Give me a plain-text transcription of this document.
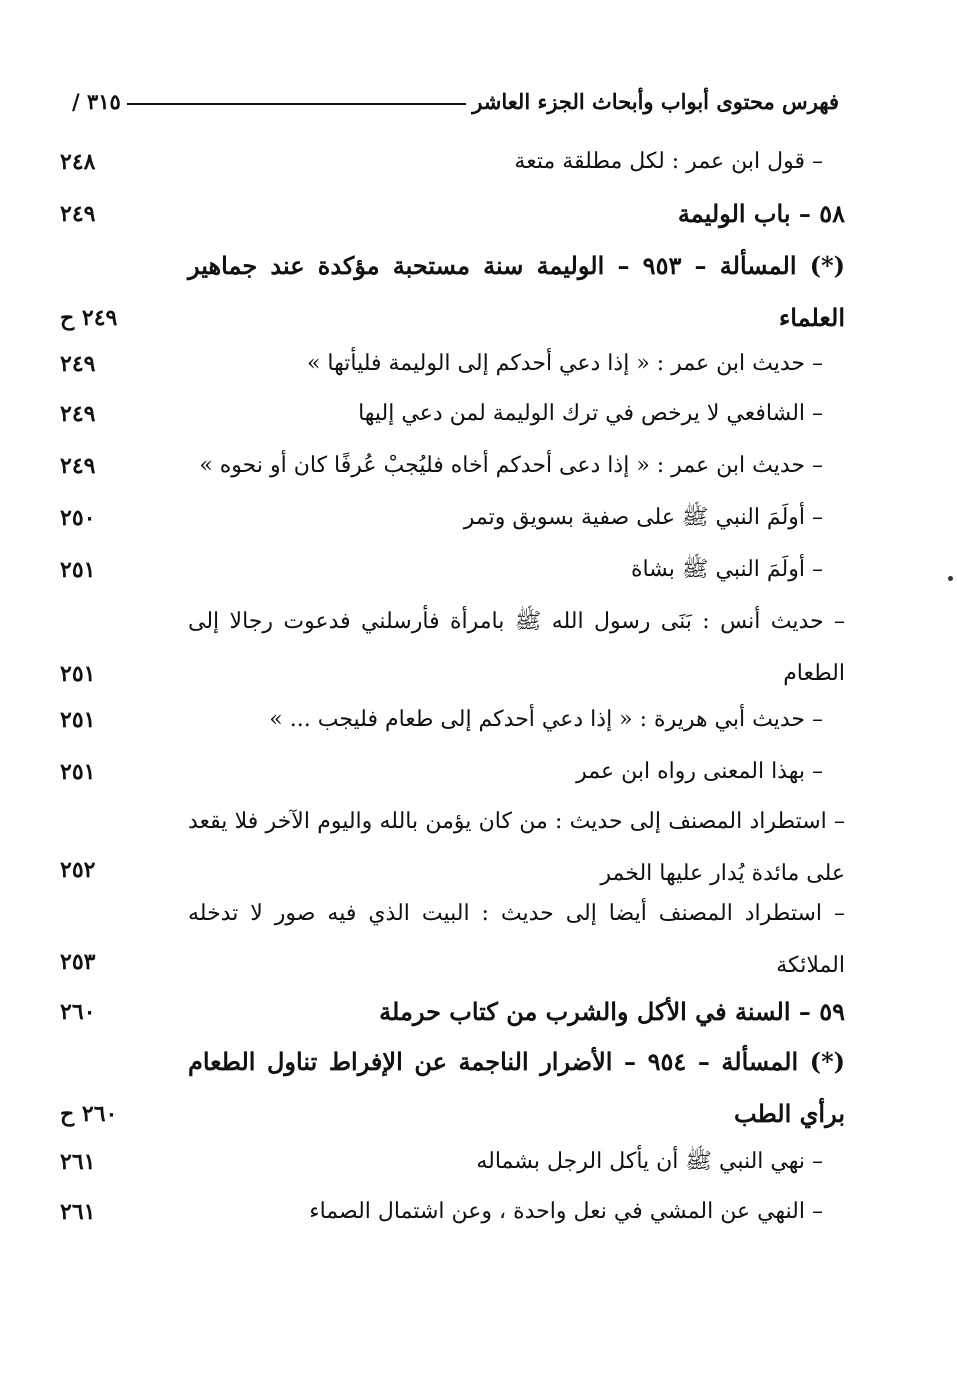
فهرس محتوى أبواب وأبحاث الجزء العاشر
/ ٣١٥
– قول ابن عمر : لكل مطلقة متعة
٢٤٨
٥٨ – باب الوليمة
٢٤٩
(*) المسألة – ٩٥٣ – الوليمة سنة مستحبة مؤكدة عند جماهير العلماء
٢٤٩ ح
– حديث ابن عمر : « إذا دعي أحدكم إلى الوليمة فليأتها »
٢٤٩
– الشافعي لا يرخص في ترك الوليمة لمن دعي إليها
٢٤٩
– حديث ابن عمر : « إذا دعى أحدكم أخاه فليُجبْ عُرفًا كان أو نحوه »
٢٤٩
– أولَمَ النبي ﷺ على صفية بسويق وتمر
٢٥٠
– أولَمَ النبي ﷺ بشاة
٢٥١
– حديث أنس : بَنَى رسول الله ﷺ بامرأة فأرسلني فدعوت رجالا إلى الطعام
٢٥١
– حديث أبي هريرة : « إذا دعي أحدكم إلى طعام فليجب ... »
٢٥١
– بهذا المعنى رواه ابن عمر
٢٥١
– استطراد المصنف إلى حديث : من كان يؤمن بالله واليوم الآخر فلا يقعد على مائدة يُدار عليها الخمر
٢٥٢
– استطراد المصنف أيضا إلى حديث : البيت الذي فيه صور لا تدخله الملائكة
٢٥٣
٥٩ – السنة في الأكل والشرب من كتاب حرملة
٢٦٠
(*) المسألة – ٩٥٤ – الأضرار الناجمة عن الإفراط تناول الطعام برأي الطب
٢٦٠ ح
– نهي النبي ﷺ أن يأكل الرجل بشماله
٢٦١
– النهي عن المشي في نعل واحدة ، وعن اشتمال الصماء
٢٦١
